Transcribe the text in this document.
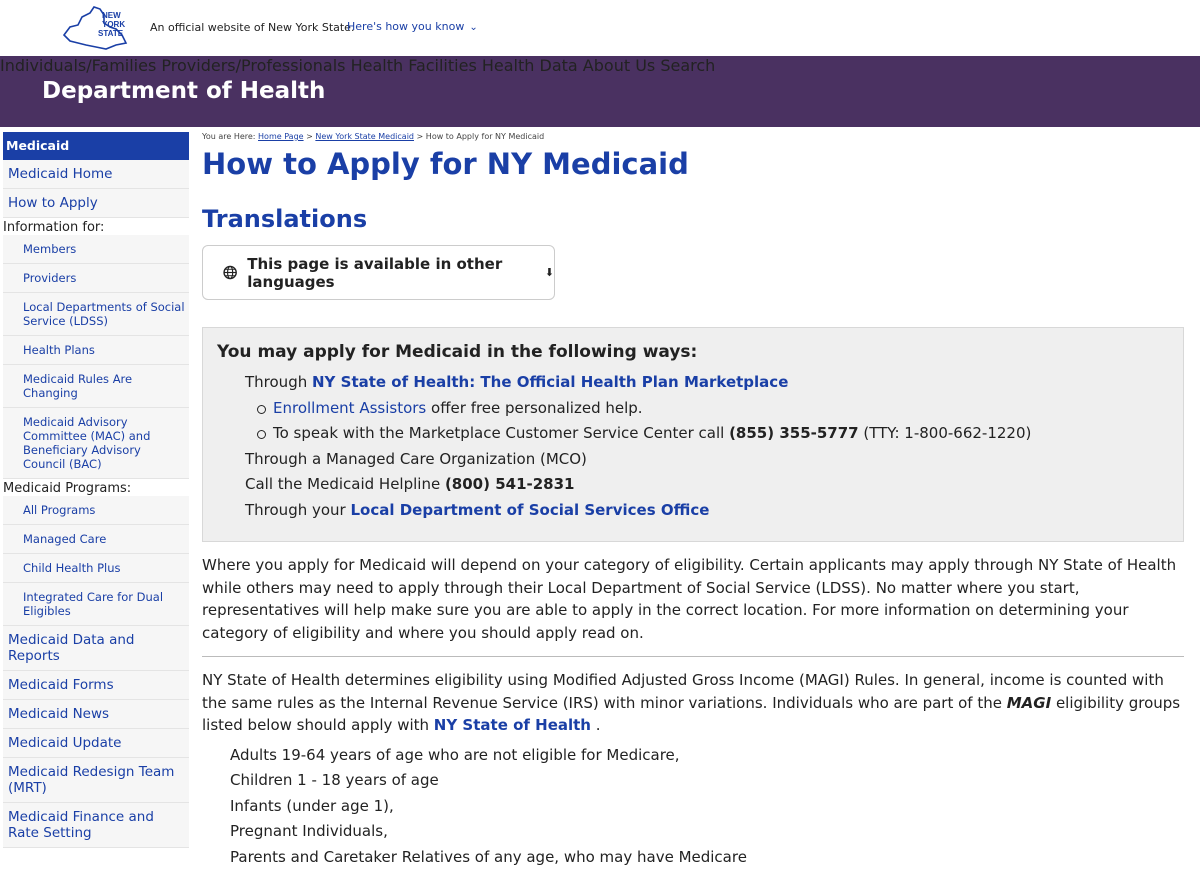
NEW
YORK
STATE An official website of New York State.
Here's how you know ⌄
Department of Health
Individuals/Families Providers/Professionals Health Facilities Health Data About Us Search
Medicaid
Medicaid Home
How to Apply
Information for:
Members
Providers
Local Departments of Social Service (LDSS)
Health Plans
Medicaid Rules Are Changing
Medicaid Advisory Committee (MAC) and Beneficiary Advisory Council (BAC)
Medicaid Programs:
All Programs
Managed Care
Child Health Plus
Integrated Care for Dual Eligibles
Medicaid Data and Reports
Medicaid Forms
Medicaid News
Medicaid Update
Medicaid Redesign Team (MRT)
Medicaid Finance and Rate Setting
You are Here: Home Page > New York State Medicaid > How to Apply for NY Medicaid
How to Apply for NY Medicaid
Translations
This page is available in other languages	⬇
You may apply for Medicaid in the following ways:
Through NY State of Health: The Official Health Plan Marketplace
Enrollment Assistors offer free personalized help.
To speak with the Marketplace Customer Service Center call (855) 355-5777 (TTY: 1-800-662-1220)
Through a Managed Care Organization (MCO)
Call the Medicaid Helpline (800) 541-2831
Through your Local Department of Social Services Office

Where you apply for Medicaid will depend on your category of eligibility. Certain applicants may apply through NY State of Health while others may need to apply through their Local Department of Social Service (LDSS). No matter where you start, representatives will help make sure you are able to apply in the correct location. For more information on determining your category of eligibility and where you should apply read on.

NY State of Health determines eligibility using Modified Adjusted Gross Income (MAGI) Rules. In general, income is counted with the same rules as the Internal Revenue Service (IRS) with minor variations. Individuals who are part of the MAGI eligibility groups listed below should apply with NY State of Health .

Adults 19-64 years of age who are not eligible for Medicare,
Children 1 - 18 years of age
Infants (under age 1),
Pregnant Individuals,
Parents and Caretaker Relatives of any age, who may have Medicare
